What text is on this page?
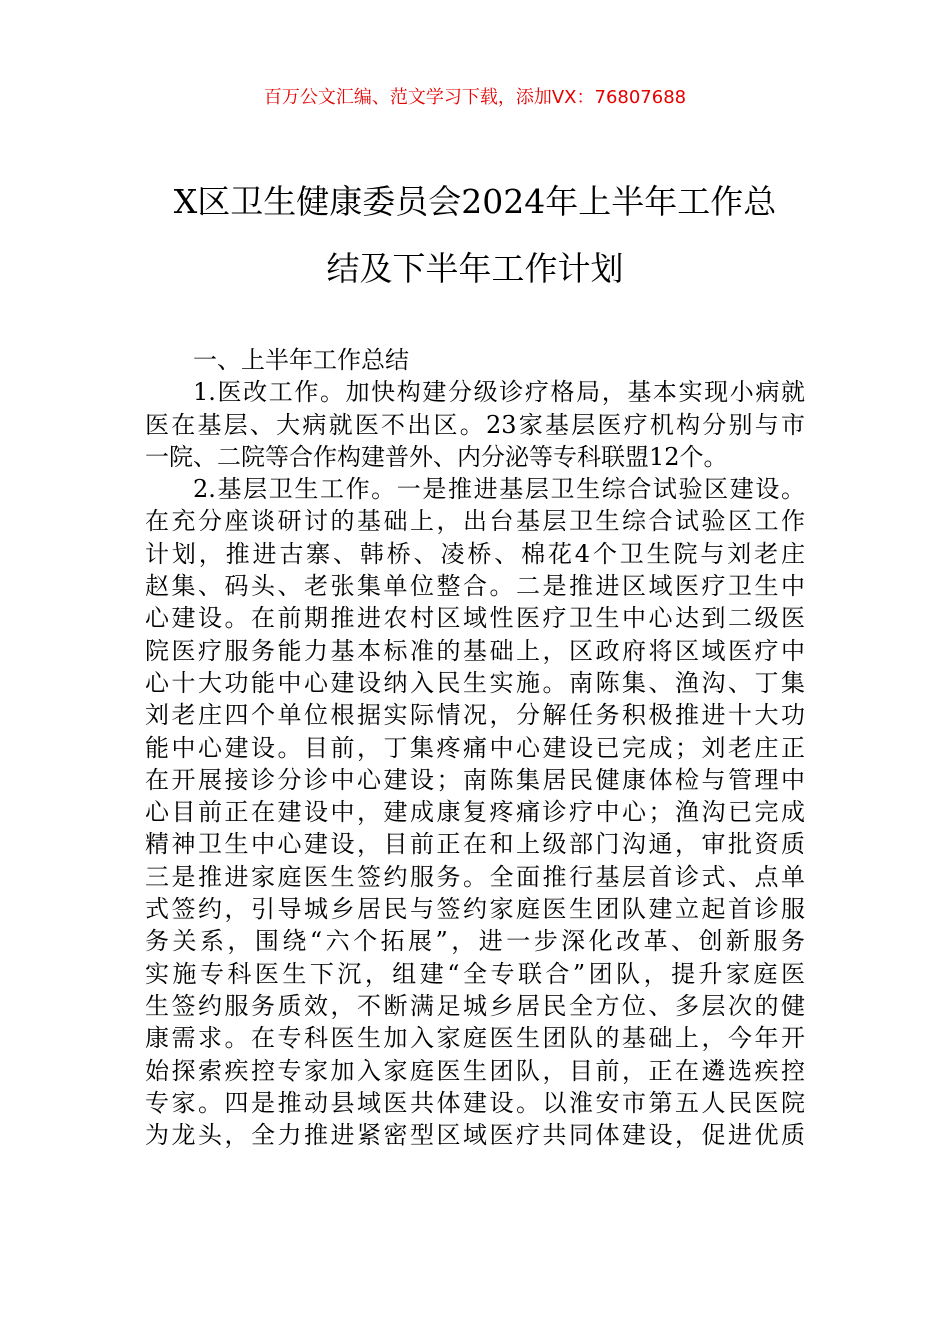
百万公文汇编、范文学习下载，添加VX：76807688
X区卫生健康委员会2024年上半年工作总
结及下半年工作计划
一、上半年工作总结
1.医改工作。加快构建分级诊疗格局，基本实现小病就
医在基层、大病就医不出区。23家基层医疗机构分别与市
一院、二院等合作构建普外、内分泌等专科联盟12个。
2.基层卫生工作。一是推进基层卫生综合试验区建设。
在充分座谈研讨的基础上，出台基层卫生综合试验区工作
计划，推进古寨、韩桥、凌桥、棉花4个卫生院与刘老庄
赵集、码头、老张集单位整合。二是推进区域医疗卫生中
心建设。在前期推进农村区域性医疗卫生中心达到二级医
院医疗服务能力基本标准的基础上，区政府将区域医疗中
心十大功能中心建设纳入民生实施。南陈集、渔沟、丁集
刘老庄四个单位根据实际情况，分解任务积极推进十大功
能中心建设。目前，丁集疼痛中心建设已完成；刘老庄正
在开展接诊分诊中心建设；南陈集居民健康体检与管理中
心目前正在建设中，建成康复疼痛诊疗中心；渔沟已完成
精神卫生中心建设，目前正在和上级部门沟通，审批资质
三是推进家庭医生签约服务。全面推行基层首诊式、点单
式签约，引导城乡居民与签约家庭医生团队建立起首诊服
务关系，围绕“六个拓展”，进一步深化改革、创新服务
实施专科医生下沉，组建“全专联合”团队，提升家庭医
生签约服务质效，不断满足城乡居民全方位、多层次的健
康需求。在专科医生加入家庭医生团队的基础上，今年开
始探索疾控专家加入家庭医生团队，目前，正在遴选疾控
专家。四是推动县域医共体建设。以淮安市第五人民医院
为龙头，全力推进紧密型区域医疗共同体建设，促进优质
